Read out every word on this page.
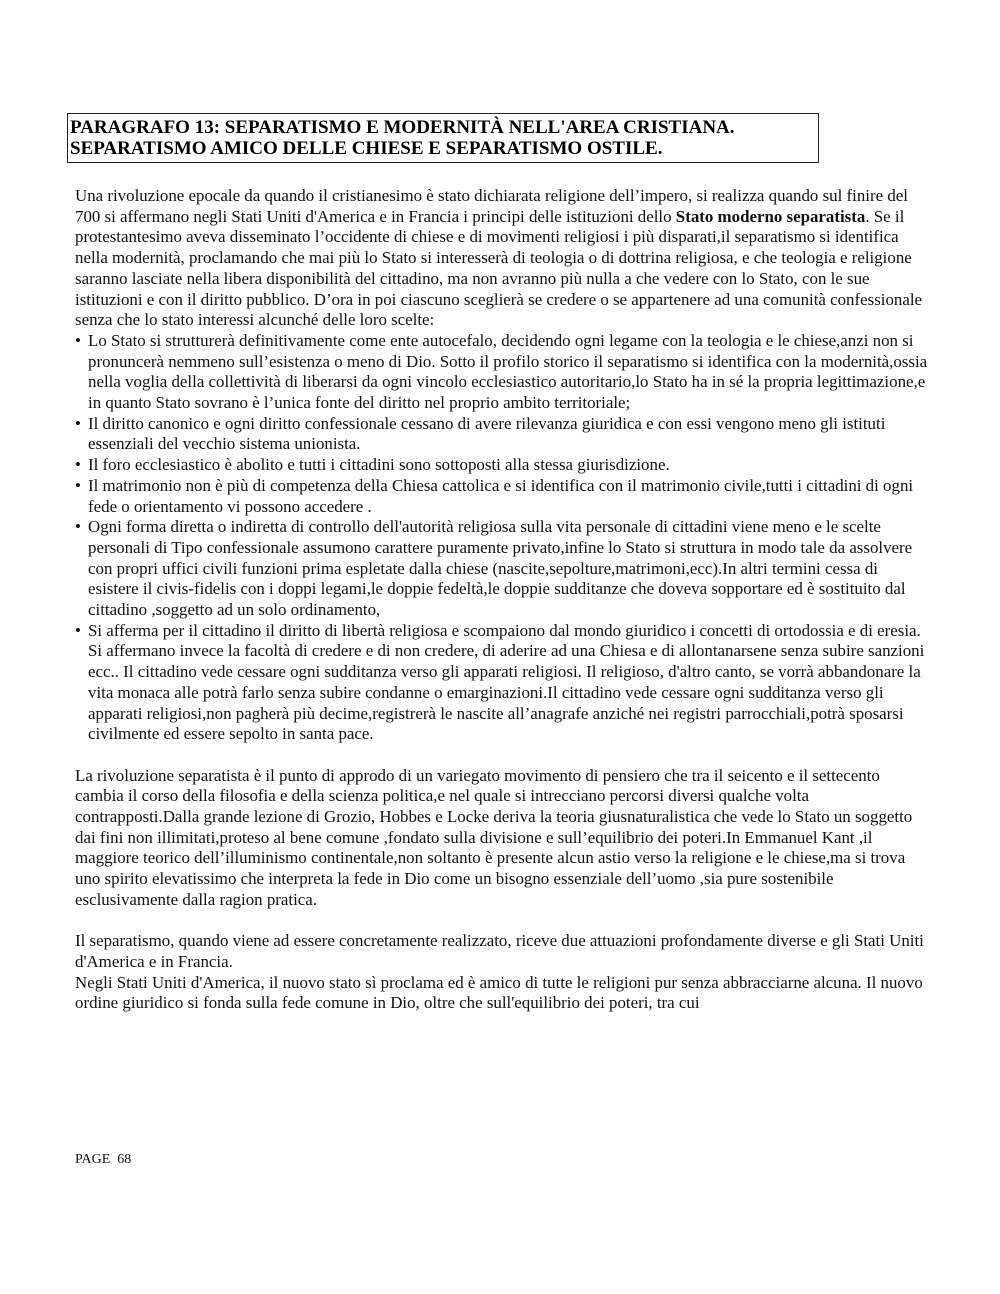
PARAGRAFO 13: SEPARATISMO E MODERNITÀ NELL'AREA CRISTIANA.
SEPARATISMO AMICO DELLE CHIESE E SEPARATISMO OSTILE.

Una rivoluzione epocale da quando il cristianesimo è stato dichiarata religione dell’impero, si realizza quando sul finire del 700 si affermano negli Stati Uniti d'America e in Francia i principi delle istituzioni dello Stato moderno separatista. Se il protestantesimo aveva disseminato l’occidente di chiese e di movimenti religiosi i più disparati,il separatismo si identifica nella modernità, proclamando che mai più lo Stato si interesserà di teologia o di dottrina religiosa, e che teologia e religione saranno lasciate nella libera disponibilità del cittadino, ma non avranno più nulla a che vedere con lo Stato, con le sue istituzioni e con il diritto pubblico. D’ora in poi ciascuno sceglierà se credere o se appartenere ad una comunità confessionale senza che lo stato interessi alcunché delle loro scelte:

• Lo Stato si strutturerà definitivamente come ente autocefalo, decidendo ogni legame con la teologia e le chiese,anzi non si pronuncerà nemmeno sull’esistenza o meno di Dio. Sotto il profilo storico il separatismo si identifica con la modernità,ossia nella voglia della collettività di liberarsi da ogni vincolo ecclesiastico autoritario,lo Stato ha in sé la propria legittimazione,e in quanto Stato sovrano è l’unica fonte del diritto nel proprio ambito territoriale;
• Il diritto canonico e ogni diritto confessionale cessano di avere rilevanza giuridica e con essi vengono meno gli istituti essenziali del vecchio sistema unionista.
• Il foro ecclesiastico è abolito e tutti i cittadini sono sottoposti alla stessa giurisdizione.
• Il matrimonio non è più di competenza della Chiesa cattolica e si identifica con il matrimonio civile,tutti i cittadini di ogni fede o orientamento vi possono accedere .
• Ogni forma diretta o indiretta di controllo dell'autorità religiosa sulla vita personale di cittadini viene meno e le scelte personali di Tipo confessionale assumono carattere puramente privato,infine lo Stato si struttura in modo tale da assolvere con propri uffici civili funzioni prima espletate dalla chiese (nascite,sepolture,matrimoni,ecc).In altri termini cessa di esistere il civis-fidelis con i doppi legami,le doppie fedeltà,le doppie sudditanze che doveva sopportare ed è sostituito dal cittadino ,soggetto ad un solo ordinamento,
• Si afferma per il cittadino il diritto di libertà religiosa e scompaiono dal mondo giuridico i concetti di ortodossia e di eresia. Si affermano invece la facoltà di credere e di non credere, di aderire ad una Chiesa e di allontanarsene senza subire sanzioni ecc.. Il cittadino vede cessare ogni sudditanza verso gli apparati religiosi. Il religioso, d'altro canto, se vorrà abbandonare la vita monaca alle potrà farlo senza subire condanne o emarginazioni.Il cittadino vede cessare ogni sudditanza verso gli apparati religiosi,non pagherà più decime,registrerà le nascite all’anagrafe anziché nei registri parrocchiali,potrà sposarsi civilmente ed essere sepolto in santa pace.

La rivoluzione separatista è il punto di approdo di un variegato movimento di pensiero che tra il seicento e il settecento cambia il corso della filosofia e della scienza politica,e nel quale si intrecciano percorsi diversi qualche volta contrapposti.Dalla grande lezione di Grozio, Hobbes e Locke deriva la teoria giusnaturalistica che vede lo Stato un soggetto dai fini non illimitati,proteso al bene comune ,fondato sulla divisione e sull’equilibrio dei poteri.In Emmanuel Kant ,il maggiore teorico dell’illuminismo continentale,non soltanto è presente alcun astio verso la religione e le chiese,ma si trova uno spirito elevatissimo che interpreta la fede in Dio come un bisogno essenziale dell’uomo ,sia pure sostenibile esclusivamente dalla ragion pratica.

Il separatismo, quando viene ad essere concretamente realizzato, riceve due attuazioni profondamente diverse e gli Stati Uniti d'America e in Francia.

Negli Stati Uniti d'America, il nuovo stato sì proclama ed è amico di tutte le religioni pur senza abbracciarne alcuna. Il nuovo ordine giuridico si fonda sulla fede comune in Dio, oltre che sull'equilibrio dei poteri, tra cui

PAGE  68
